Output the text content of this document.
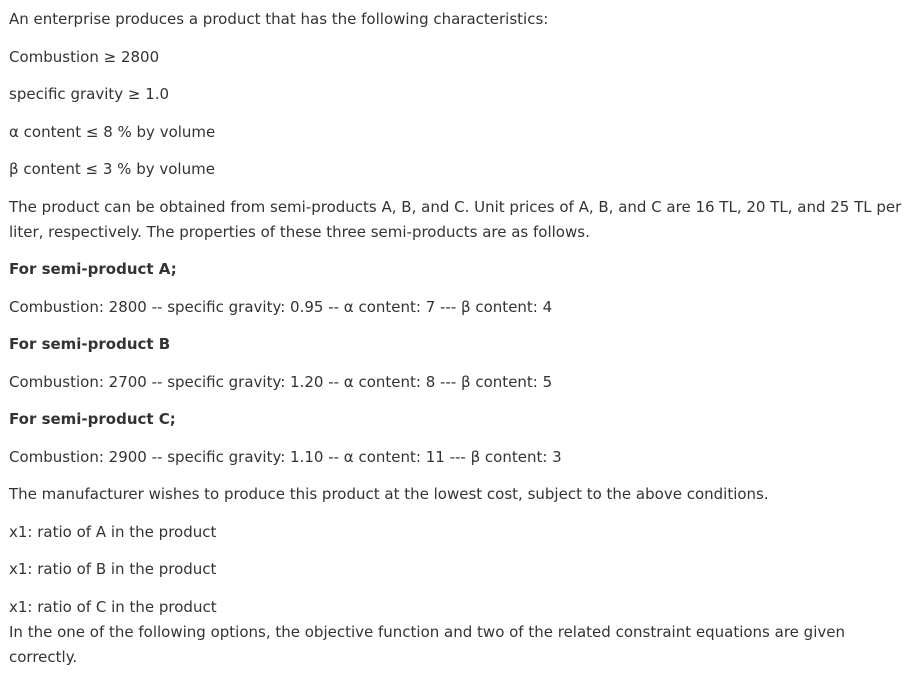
An enterprise produces a product that has the following characteristics:
Combustion ≥ 2800
specific gravity ≥ 1.0
α content ≤ 8 % by volume
β content ≤ 3 % by volume
The product can be obtained from semi-products A, B, and C. Unit prices of A, B, and C are 16 TL, 20 TL, and 25 TL per liter, respectively. The properties of these three semi-products are as follows.
For semi-product A;
Combustion: 2800 -- specific gravity: 0.95 -- α content: 7 --- β content: 4
For semi-product B
Combustion: 2700 -- specific gravity: 1.20 -- α content: 8 --- β content: 5
For semi-product C;
Combustion: 2900 -- specific gravity: 1.10 -- α content: 11 --- β content: 3
The manufacturer wishes to produce this product at the lowest cost, subject to the above conditions.
x1: ratio of A in the product
x1: ratio of B in the product
x1: ratio of C in the product
In the one of the following options, the objective function and two of the related constraint equations are given correctly.
